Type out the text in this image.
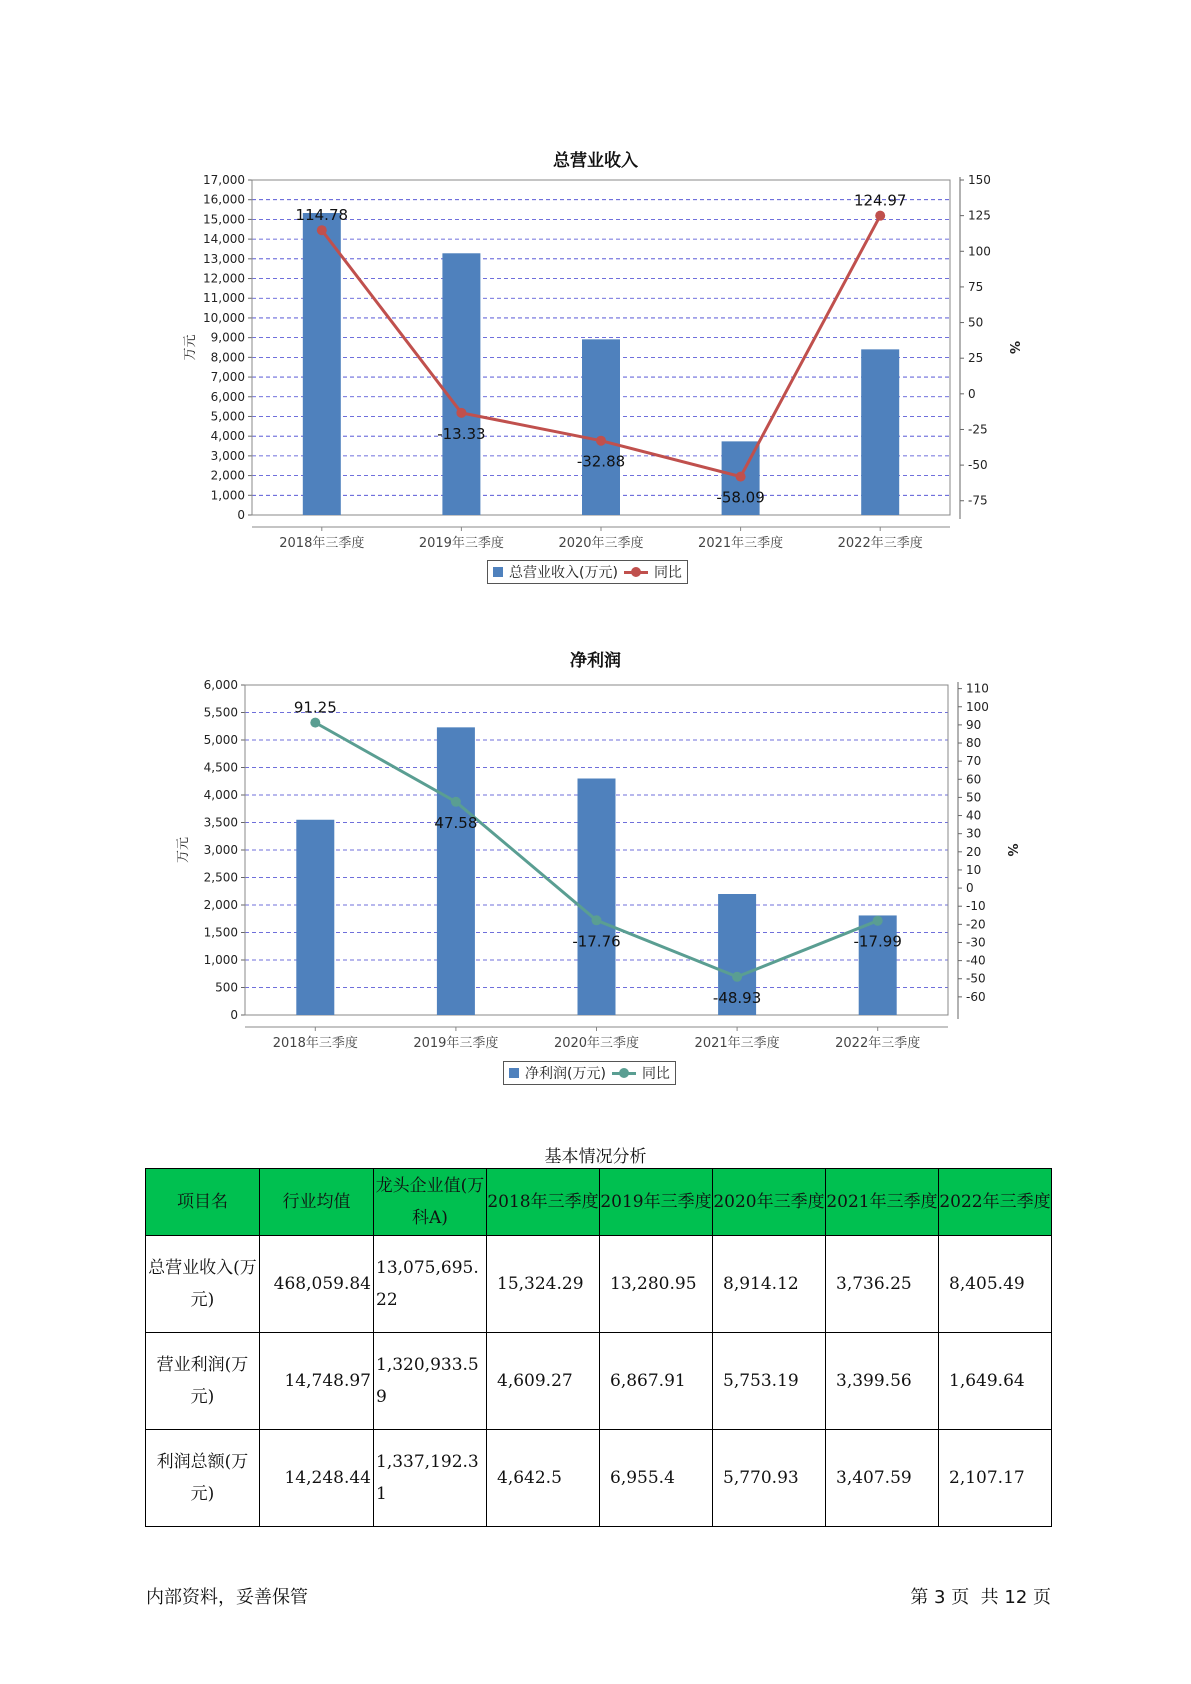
总营业收入
0
1,000
2,000
3,000
4,000
5,000
6,000
7,000
8,000
9,000
10,000
11,000
12,000
13,000
14,000
15,000
16,000
17,000
-75
-50
-25
0
25
50
75
100
125
150
万元	%
2018年三季度	2019年三季度	2020年三季度	2021年三季度	2022年三季度
114.78
-13.33
-32.88
-58.09
124.97
总营业收入(万元)	同比
净利润
0
500
1,000
1,500
2,000
2,500
3,000
3,500
4,000
4,500
5,000
5,500
6,000
-60
-50
-40
-30
-20
-10
0
10
20
30
40
50
60
70
80
90
100
110
万元	%
2018年三季度	2019年三季度	2020年三季度	2021年三季度	2022年三季度
91.25
47.58
-17.76
-48.93
-17.99
净利润(万元)	同比
基本情况分析
项目名	行业均值	龙头企业值(万科A)	2018年三季度	2019年三季度	2020年三季度	2021年三季度	2022年三季度
总营业收入(万元)	468,059.84	13,075,695.22	15,324.29	13,280.95	8,914.12	3,736.25	8,405.49
营业利润(万元)	14,748.97	1,320,933.59	4,609.27	6,867.91	5,753.19	3,399.56	1,649.64
利润总额(万元)	14,248.44	1,337,192.31	4,642.5	6,955.4	5,770.93	3,407.59	2,107.17
内部资料，妥善保管	第 3 页  共 12 页
